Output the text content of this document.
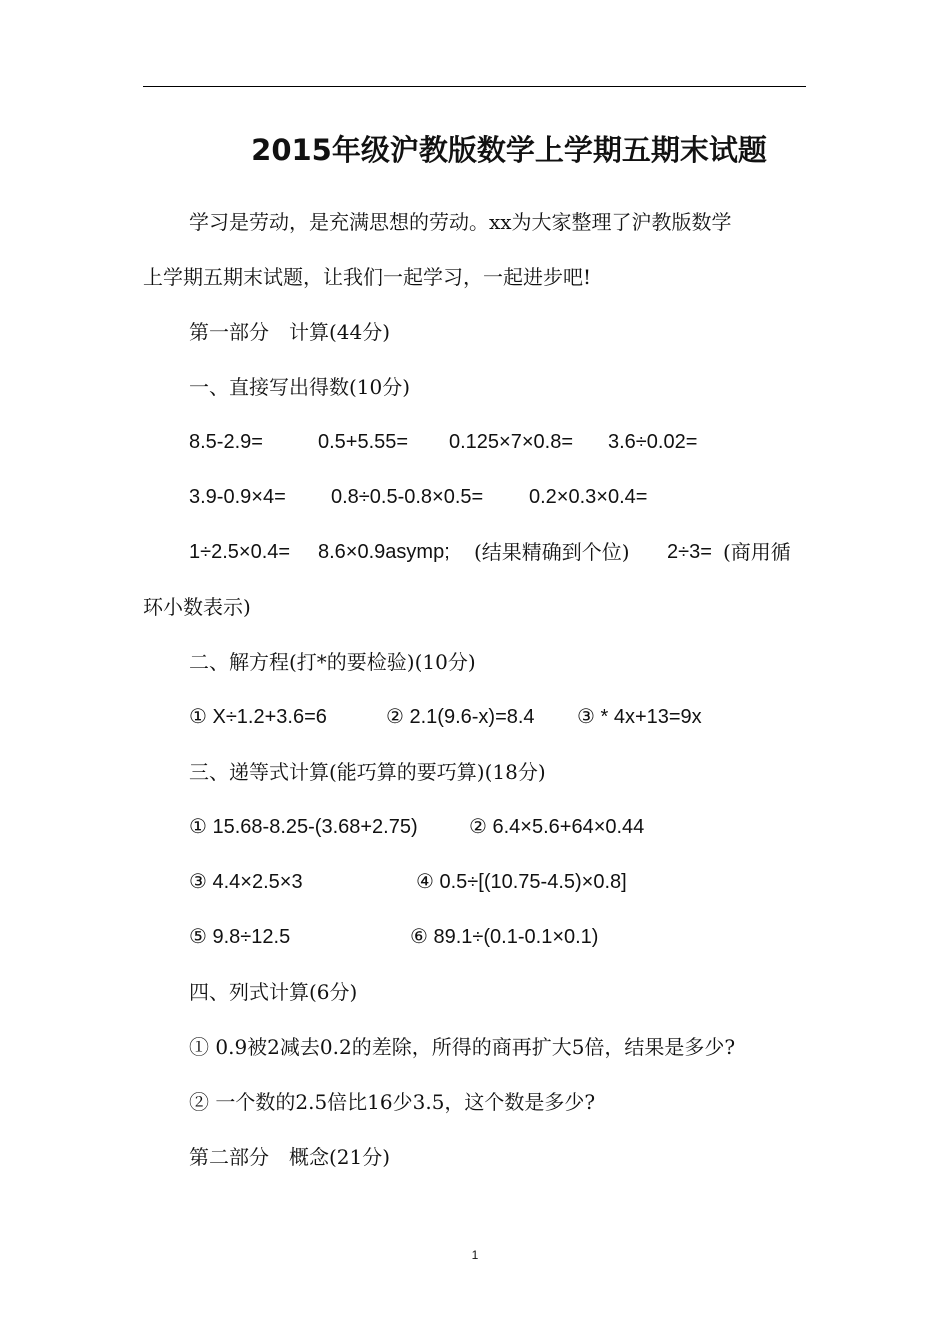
2015年级沪教版数学上学期五期末试题
学习是劳动，是充满思想的劳动。xx为大家整理了沪教版数学
上学期五期末试题，让我们一起学习，一起进步吧!
第一部分　计算(44分)
一、直接写出得数(10分)
8.5-2.9=	0.5+5.55= 0.125×7×0.8= 3.6÷0.02=
3.9-0.9×4= 0.8÷0.5-0.8×0.5= 0.2×0.3×0.4=
1÷2.5×0.4= 8.6×0.9asymp; (结果精确到个位) 2÷3= (商用循
环小数表示)
二、解方程(打*的要检验)(10分)
① X÷1.2+3.6=6	② 2.1(9.6-x)=8.4 ③ * 4x+13=9x
三、递等式计算(能巧算的要巧算)(18分)
① 15.68-8.25-(3.68+2.75)	② 6.4×5.6+64×0.44
③ 4.4×2.5×3	④ 0.5÷[(10.75-4.5)×0.8]
⑤ 9.8÷12.5	⑥ 89.1÷(0.1-0.1×0.1)
四、列式计算(6分)
① 0.9被2减去0.2的差除，所得的商再扩大5倍，结果是多少?
② 一个数的2.5倍比16少3.5，这个数是多少?
第二部分　概念(21分)
1
